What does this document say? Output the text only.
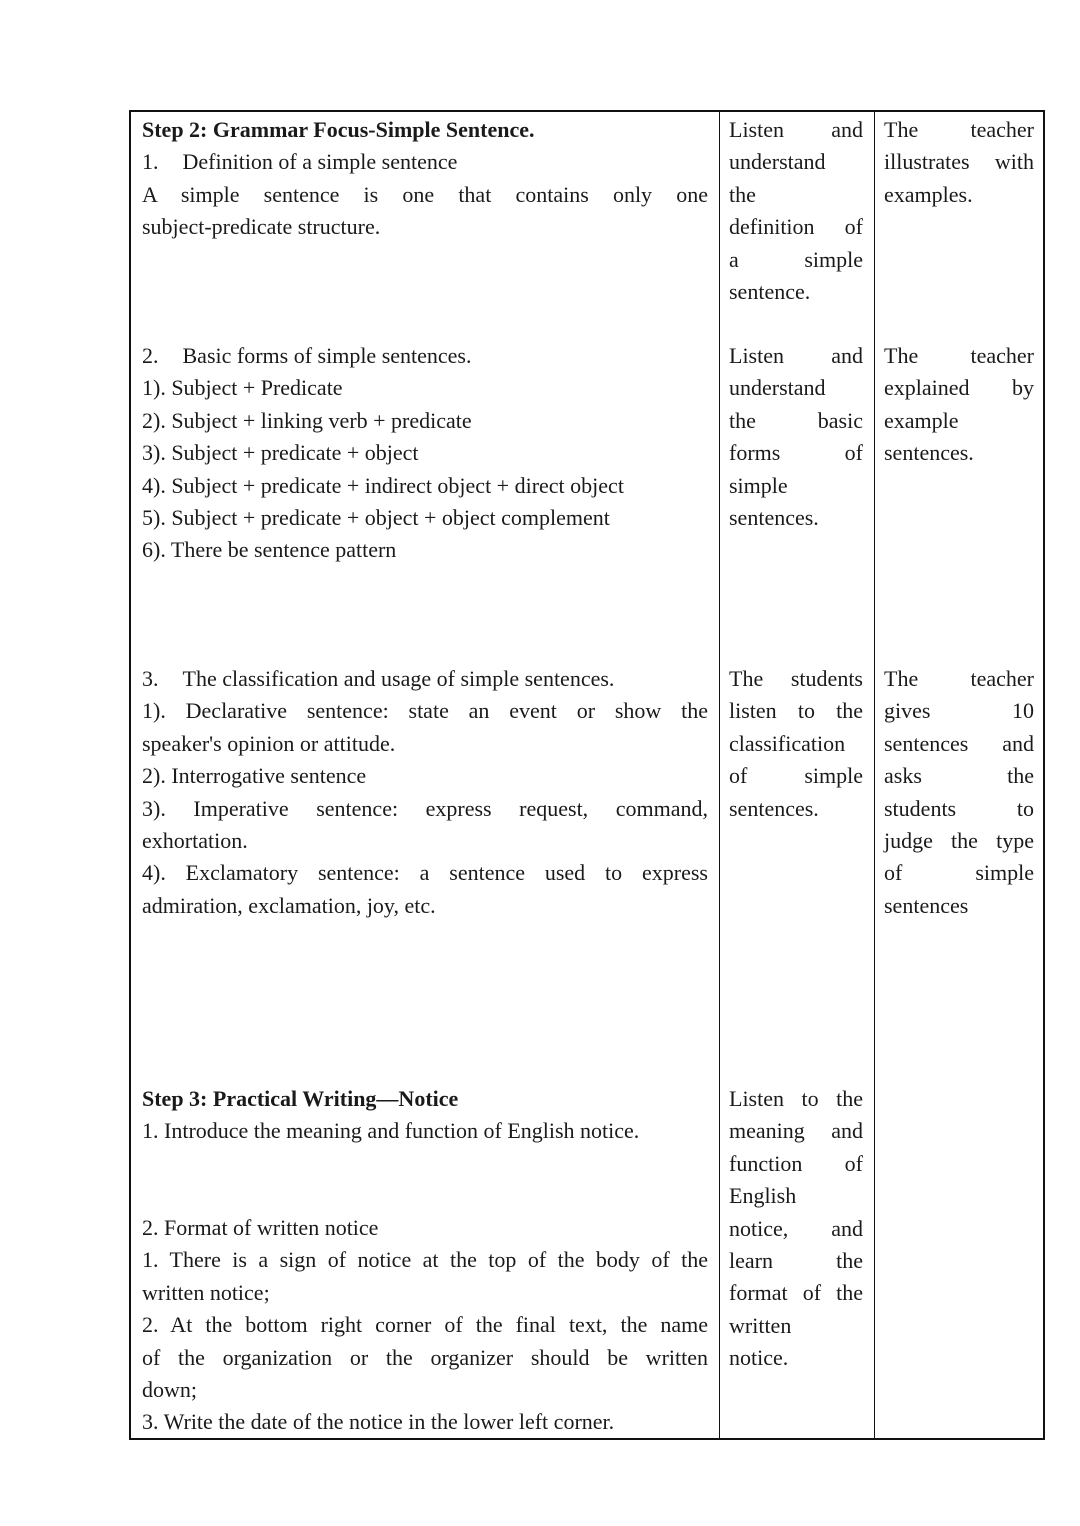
Step 2: Grammar Focus-Simple Sentence.
1. Definition of a simple sentence
A simple sentence is one that contains only one
subject-predicate structure.
Listen and
understand
the
definition of
a simple
sentence.
The teacher
illustrates with
examples.
2. Basic forms of simple sentences.
1). Subject + Predicate
2). Subject + linking verb + predicate
3). Subject + predicate + object
4). Subject + predicate + indirect object + direct object
5). Subject + predicate + object + object complement
6). There be sentence pattern
Listen and
understand
the basic
forms of
simple
sentences.
The teacher
explained by
example
sentences.
3. The classification and usage of simple sentences.
1). Declarative sentence: state an event or show the
speaker's opinion or attitude.
2). Interrogative sentence
3). Imperative sentence: express request, command,
exhortation.
4). Exclamatory sentence: a sentence used to express
admiration, exclamation, joy, etc.
The students
listen to the
classification
of simple
sentences.
The teacher
gives 10
sentences and
asks the
students to
judge the type
of simple
sentences
Step 3: Practical Writing—Notice
1. Introduce the meaning and function of English notice.
2. Format of written notice
1. There is a sign of notice at the top of the body of the
written notice;
2. At the bottom right corner of the final text, the name
of the organization or the organizer should be written
down;
3. Write the date of the notice in the lower left corner.
Listen to the
meaning and
function of
English
notice, and
learn the
format of the
written
notice.
